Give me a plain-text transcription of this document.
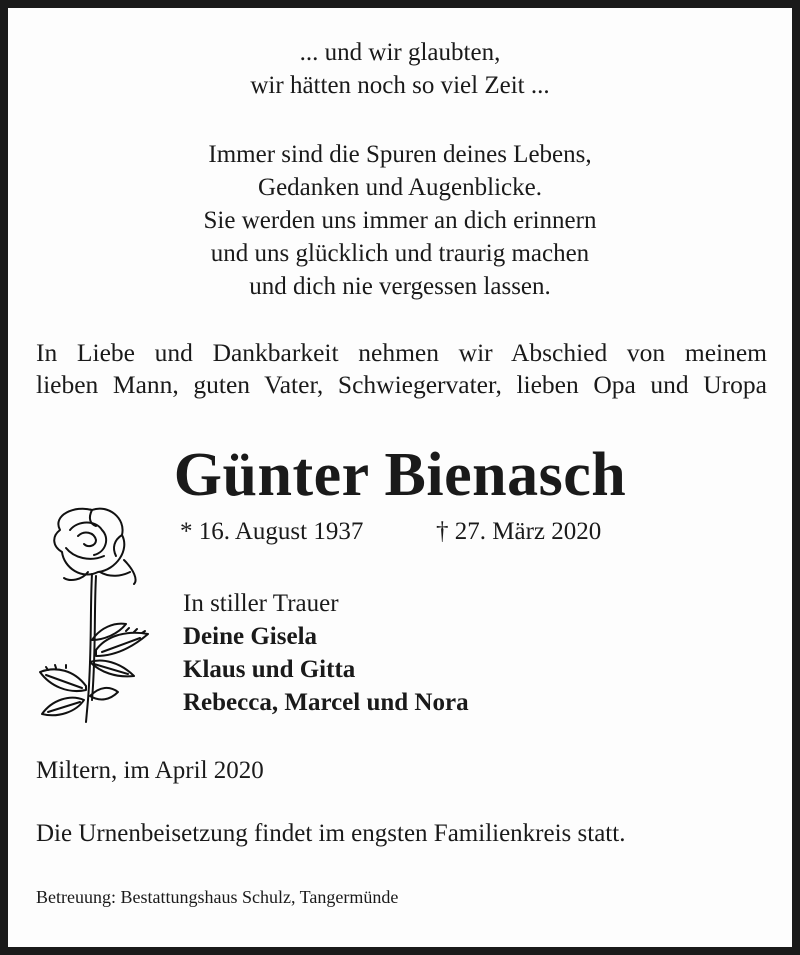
... und wir glaubten,
wir hätten noch so viel Zeit ...
Immer sind die Spuren deines Lebens,
Gedanken und Augenblicke.
Sie werden uns immer an dich erinnern
und uns glücklich und traurig machen
und dich nie vergessen lassen.
In Liebe und Dankbarkeit nehmen wir Abschied von meinem
lieben Mann, guten Vater, Schwiegervater, lieben Opa und Uropa
Günter Bienasch
* 16. August 1937	† 27. März 2020
In stiller Trauer
Deine Gisela
Klaus und Gitta
Rebecca, Marcel und Nora
Miltern, im April 2020
Die Urnenbeisetzung findet im engsten Familienkreis statt.
Betreuung: Bestattungshaus Schulz, Tangermünde
